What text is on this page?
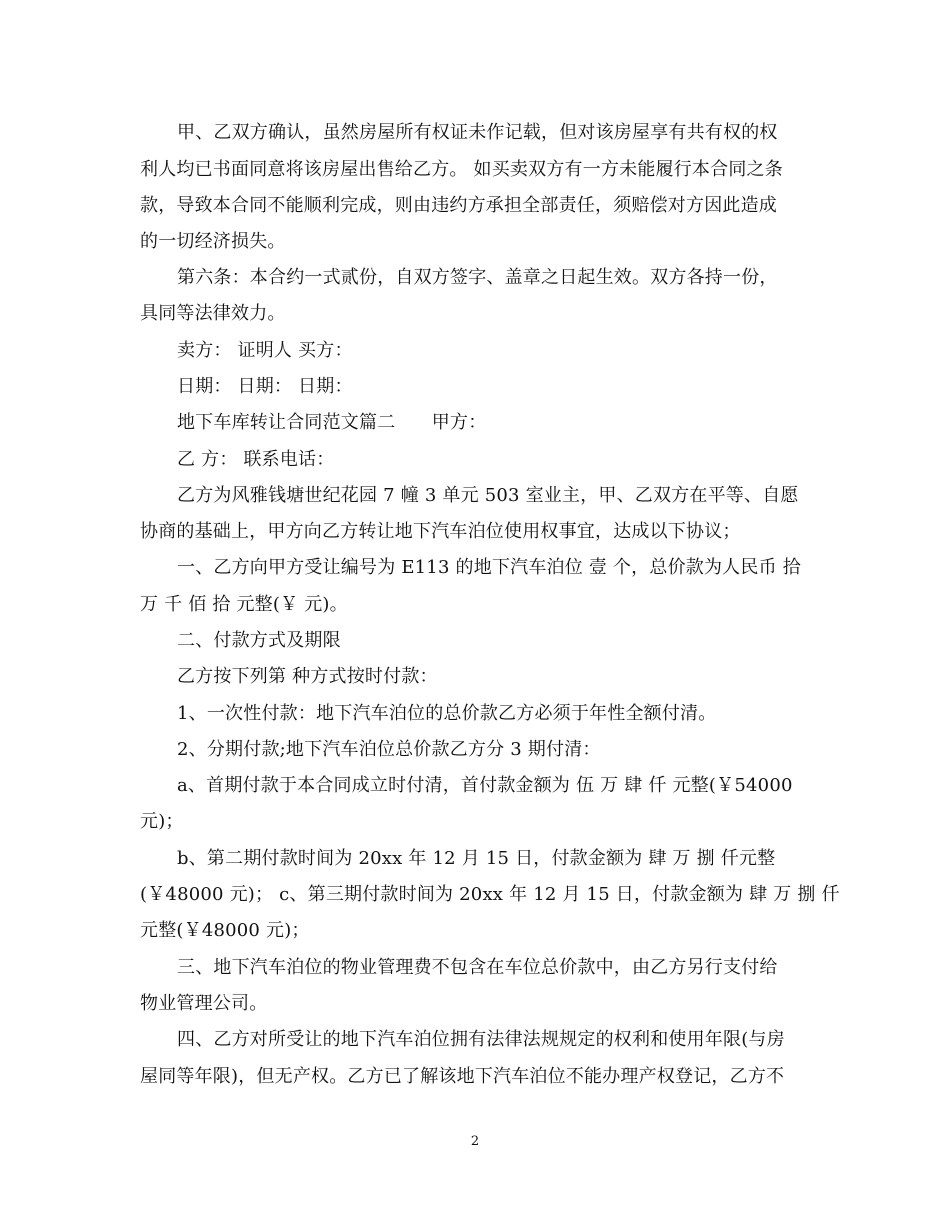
甲、乙双方确认，虽然房屋所有权证未作记载，但对该房屋享有共有权的权
利人均已书面同意将该房屋出售给乙方。 如买卖双方有一方未能履行本合同之条
款，导致本合同不能顺利完成，则由违约方承担全部责任，须赔偿对方因此造成
的一切经济损失。
第六条：本合约一式贰份，自双方签字、盖章之日起生效。双方各持一份，
具同等法律效力。
卖方： 证明人 买方：
日期： 日期： 日期：
地下车库转让合同范文篇二　　甲方：
乙 方： 联系电话：
乙方为风雅钱塘世纪花园 7 幢 3 单元 503 室业主，甲、乙双方在平等、自愿
协商的基础上，甲方向乙方转让地下汽车泊位使用权事宜，达成以下协议；
一、乙方向甲方受让编号为 E113 的地下汽车泊位 壹 个，总价款为人民币 拾
万 千 佰 拾 元整(￥ 元)。
二、付款方式及期限
乙方按下列第 种方式按时付款：
1、一次性付款：地下汽车泊位的总价款乙方必须于年性全额付清。
2、分期付款;地下汽车泊位总价款乙方分 3 期付清：
a、首期付款于本合同成立时付清，首付款金额为 伍 万 肆 仟 元整(￥54000
元)；
b、第二期付款时间为 20xx 年 12 月 15 日，付款金额为 肆 万 捌 仟元整
(￥48000 元)； c、第三期付款时间为 20xx 年 12 月 15 日，付款金额为 肆 万 捌 仟
元整(￥48000 元)；
三、地下汽车泊位的物业管理费不包含在车位总价款中，由乙方另行支付给
物业管理公司。
四、乙方对所受让的地下汽车泊位拥有法律法规规定的权利和使用年限(与房
屋同等年限)，但无产权。乙方已了解该地下汽车泊位不能办理产权登记，乙方不
2
